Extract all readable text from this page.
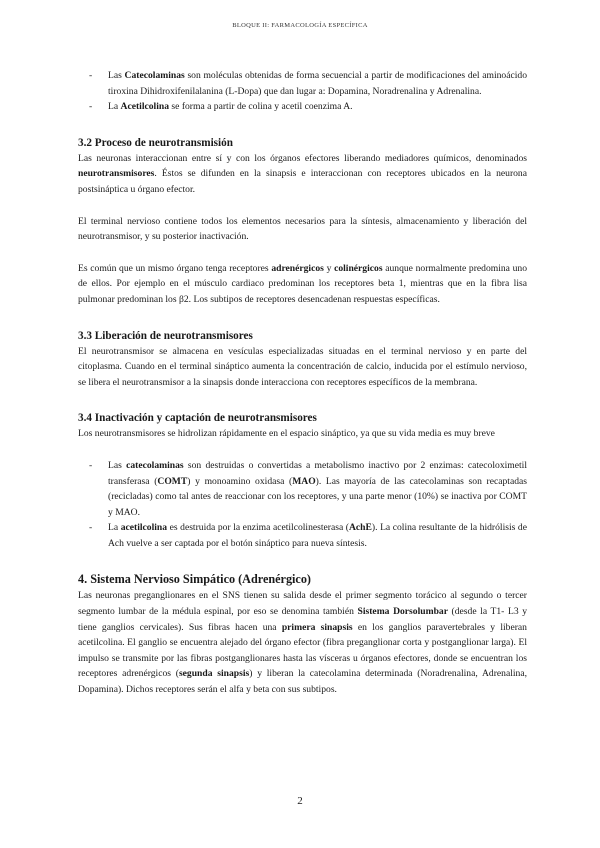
BLOQUE II: FARMACOLOGÍA ESPECÍFICA
- Las Catecolaminas son moléculas obtenidas de forma secuencial a partir de modificaciones del aminoácido tiroxina Dihidroxifenilalanina (L-Dopa) que dan lugar a: Dopamina, Noradrenalina y Adrenalina.

- La Acetilcolina se forma a partir de colina y acetil coenzima A.

3.2 Proceso de neurotransmisión

Las neuronas interaccionan entre sí y con los órganos efectores liberando mediadores químicos, denominados neurotransmisores. Éstos se difunden en la sinapsis e interaccionan con receptores ubicados en la neurona postsináptica u órgano efector.

El terminal nervioso contiene todos los elementos necesarios para la síntesis, almacenamiento y liberación del neurotransmisor, y su posterior inactivación.

Es común que un mismo órgano tenga receptores adrenérgicos y colinérgicos aunque normalmente predomina uno de ellos. Por ejemplo en el músculo cardiaco predominan los receptores beta 1, mientras que en la fibra lisa pulmonar predominan los β2. Los subtipos de receptores desencadenan respuestas específicas.

3.3 Liberación de neurotransmisores

El neurotransmisor se almacena en vesículas especializadas situadas en el terminal nervioso y en parte del citoplasma. Cuando en el terminal sináptico aumenta la concentración de calcio, inducida por el estímulo nervioso, se libera el neurotransmisor a la sinapsis donde interacciona con receptores específicos de la membrana.

3.4 Inactivación y captación de neurotransmisores

Los neurotransmisores se hidrolizan rápidamente en el espacio sináptico, ya que su vida media es muy breve

- Las catecolaminas son destruidas o convertidas a metabolismo inactivo por 2 enzimas: catecoloximetil transferasa (COMT) y monoamino oxidasa (MAO). Las mayoría de las catecolaminas son recaptadas (recicladas) como tal antes de reaccionar con los receptores, y una parte menor (10%) se inactiva por COMT y MAO.

- La acetilcolina es destruida por la enzima acetilcolinesterasa (AchE). La colina resultante de la hidrólisis de Ach vuelve a ser captada por el botón sináptico para nueva síntesis.

4. Sistema Nervioso Simpático (Adrenérgico)

Las neuronas preganglionares en el SNS tienen su salida desde el primer segmento torácico al segundo o tercer segmento lumbar de la médula espinal, por eso se denomina también Sistema Dorsolumbar (desde la T1- L3 y tiene ganglios cervicales). Sus fibras hacen una primera sinapsis en los ganglios paravertebrales y liberan acetilcolina. El ganglio se encuentra alejado del órgano efector (fibra preganglionar corta y postganglionar larga). El impulso se transmite por las fibras postganglionares hasta las vísceras u órganos efectores, donde se encuentran los receptores adrenérgicos (segunda sinapsis) y liberan la catecolamina determinada (Noradrenalina, Adrenalina, Dopamina). Dichos receptores serán el alfa y beta con sus subtipos.

2
